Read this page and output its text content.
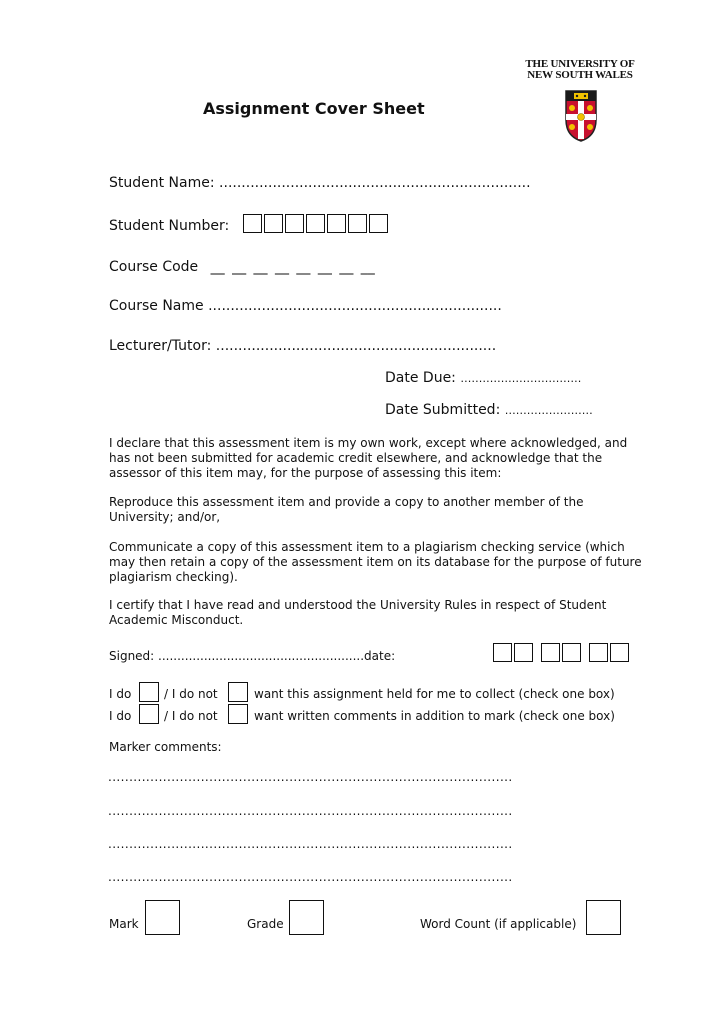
THE UNIVERSITY OF
NEW SOUTH WALES
Assignment Cover Sheet
Student Name: ......................................................................
Student Number:
Course Code __ __ __ __ __ __ __ __
Course Name ..................................................................
Lecturer/Tutor: ...............................................................
Date Due: ……………………………
Date Submitted: ……………………
I declare that this assessment item is my own work, except where acknowledged, and has not been submitted for academic credit elsewhere, and acknowledge that the assessor of this item may, for the purpose of assessing this item:
Reproduce this assessment item and provide a copy to another member of the University; and/or,
Communicate a copy of this assessment item to a plagiarism checking service (which may then retain a copy of the assessment item on its database for the purpose of future plagiarism checking).
I certify that I have read and understood the University Rules in respect of Student Academic Misconduct.
Signed: ......................................................date:
I do	/ I do not	want this assignment held for me to collect (check one box)
I do	/ I do not	want written comments in addition to mark (check one box)
Marker comments:
................................................................................................
................................................................................................
................................................................................................
................................................................................................
Mark	Grade	Word Count (if applicable)
